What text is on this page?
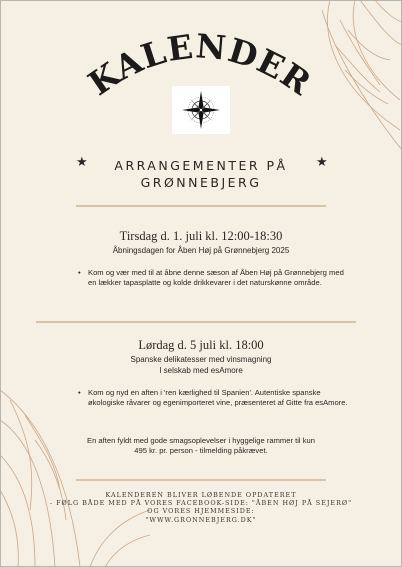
KALENDER
★	ARRANGEMENTER PÅ
GRØNNEBJERG
★
Tirsdag d. 1. juli kl. 12:00-18:30
Åbningsdagen for Åben Høj på Grønnebjerg 2025
• Kom og vær med til at åbne denne sæson af Åben Høj på Grønnebjerg med en lækker tapasplatte og kolde drikkevarer i det naturskønne område.
Lørdag d. 5 juli kl. 18:00
Spanske delikatesser med vinsmagning
I selskab med esAmore
• Kom og nyd en aften i 'ren kærlighed til Spanien'. Autentiske spanske økologiske råvarer og egenimporteret vine, præsenteret af Gitte fra esAmore.
En aften fyldt med gode smagsoplevelser i hyggelige rammer til kun 495 kr. pr. person - tilmelding påkrævet.
KALENDEREN BLIVER LØBENDE OPDATERET
- FØLG BÅDE MED PÅ VORES FACEBOOK-SIDE: "ÅBEN HØJ PÅ SEJERØ" OG VORES HJEMMESIDE:
"WWW.GRONNEBJERG.DK"
